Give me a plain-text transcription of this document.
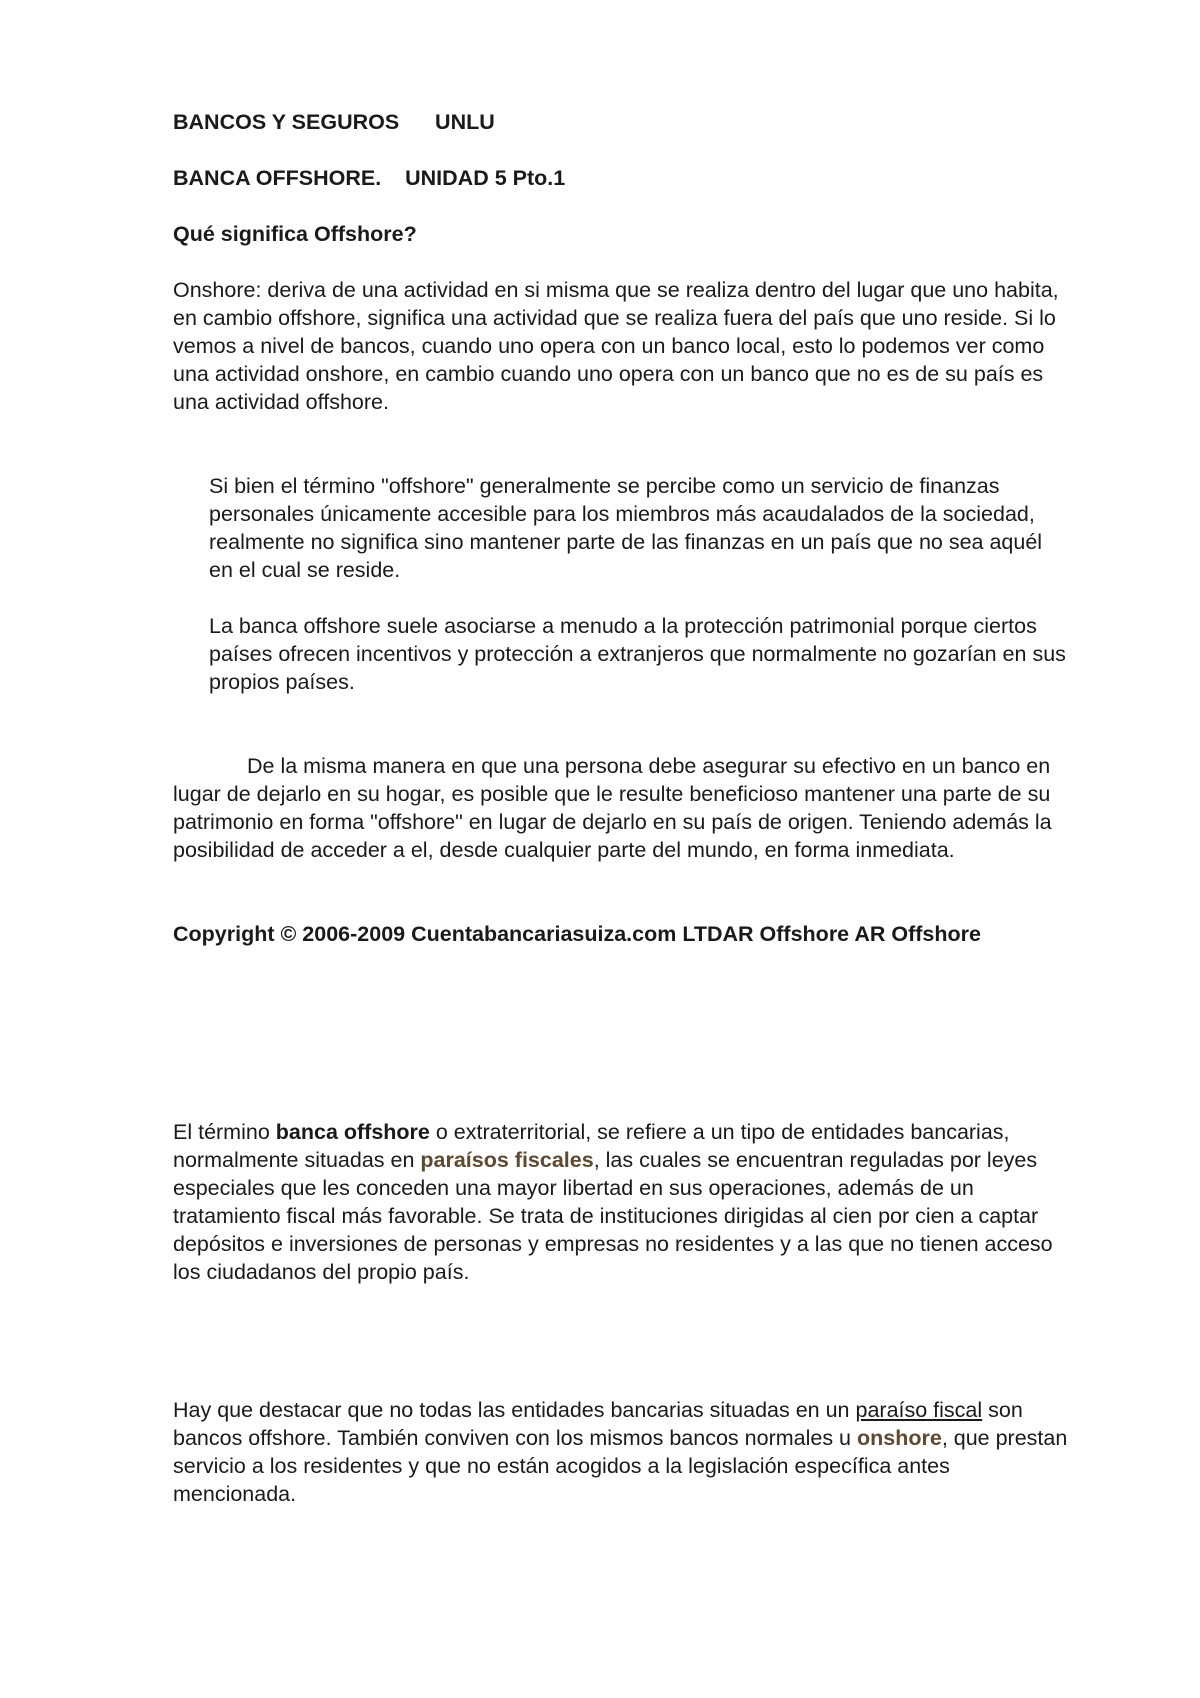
BANCOS Y SEGUROS      UNLU

BANCA OFFSHORE.    UNIDAD 5 Pto.1

Qué significa Offshore?

Onshore: deriva de una actividad en si misma que se realiza dentro del lugar que uno habita, en cambio offshore, significa una actividad que se realiza fuera del país que uno reside. Si lo vemos a nivel de bancos, cuando uno opera con un banco local, esto lo podemos ver como una actividad onshore, en cambio cuando uno opera con un banco que no es de su país es una actividad offshore.

Si bien el término "offshore" generalmente se percibe como un servicio de finanzas personales únicamente accesible para los miembros más acaudalados de la sociedad, realmente no significa sino mantener parte de las finanzas en un país que no sea aquél en el cual se reside.

La banca offshore suele asociarse a menudo a la protección patrimonial porque ciertos países ofrecen incentivos y protección a extranjeros que normalmente no gozarían en sus propios países.

De la misma manera en que una persona debe asegurar su efectivo en un banco en lugar de dejarlo en su hogar, es posible que le resulte beneficioso mantener una parte de su patrimonio en forma "offshore" en lugar de dejarlo en su país de origen. Teniendo además la posibilidad de acceder a el, desde cualquier parte del mundo, en forma inmediata.

Copyright © 2006-2009 Cuentabancariasuiza.com LTDAR Offshore AR Offshore

El término banca offshore o extraterritorial, se refiere a un tipo de entidades bancarias, normalmente situadas en paraísos fiscales, las cuales se encuentran reguladas por leyes especiales que les conceden una mayor libertad en sus operaciones, además de un tratamiento fiscal más favorable. Se trata de instituciones dirigidas al cien por cien a captar depósitos e inversiones de personas y empresas no residentes y a las que no tienen acceso los ciudadanos del propio país.

Hay que destacar que no todas las entidades bancarias situadas en un paraíso fiscal son bancos offshore. También conviven con los mismos bancos normales u onshore, que prestan servicio a los residentes y que no están acogidos a la legislación específica antes mencionada.
